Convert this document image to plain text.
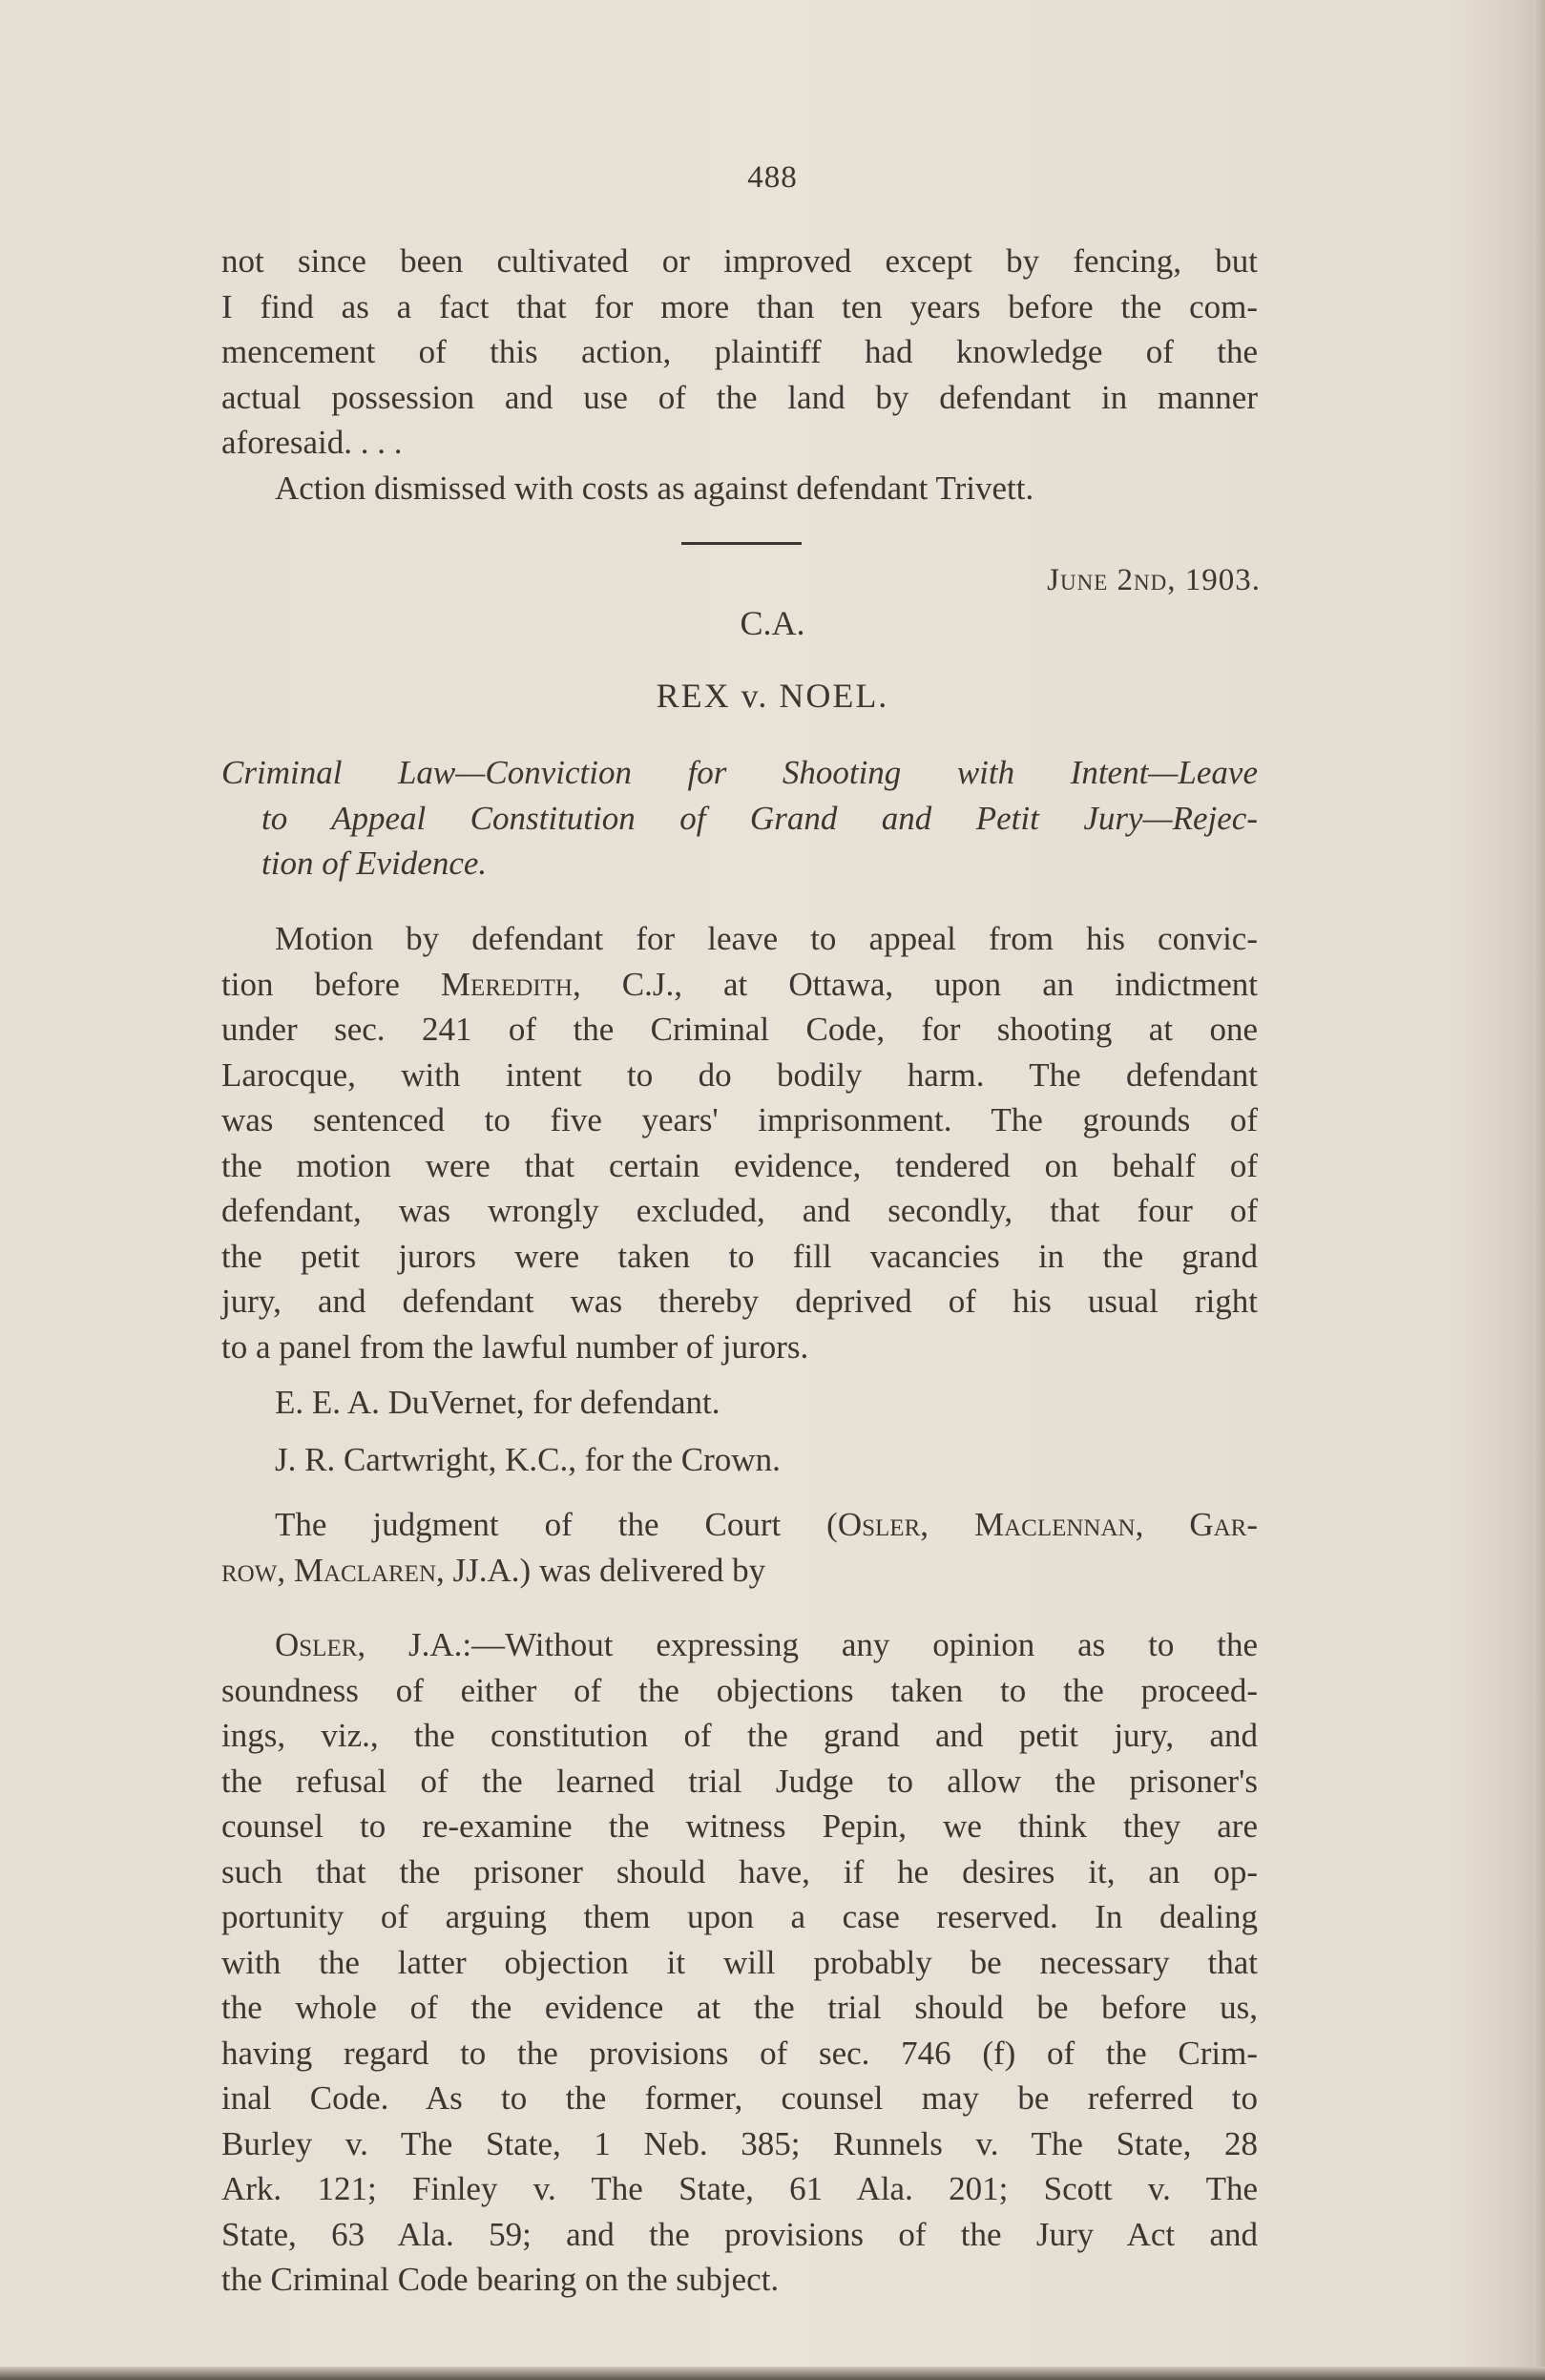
488
not since been cultivated or improved except by fencing, but
I find as a fact that for more than ten years before the com-
mencement of this action, plaintiff had knowledge of the
actual possession and use of the land by defendant in manner
aforesaid. . . .
Action dismissed with costs as against defendant Trivett.
June 2nd, 1903.
C.A.
REX v. NOEL.
Criminal Law—Conviction for Shooting with Intent—Leave
to Appeal Constitution of Grand and Petit Jury—Rejec-
tion of Evidence.
Motion by defendant for leave to appeal from his convic-
tion before Meredith, C.J., at Ottawa, upon an indictment
under sec. 241 of the Criminal Code, for shooting at one
Larocque, with intent to do bodily harm. The defendant
was sentenced to five years' imprisonment. The grounds of
the motion were that certain evidence, tendered on behalf of
defendant, was wrongly excluded, and secondly, that four of
the petit jurors were taken to fill vacancies in the grand
jury, and defendant was thereby deprived of his usual right
to a panel from the lawful number of jurors.
E. E. A. DuVernet, for defendant.
J. R. Cartwright, K.C., for the Crown.
The judgment of the Court (Osler, Maclennan, Gar-
row, Maclaren, JJ.A.) was delivered by
Osler, J.A.:—Without expressing any opinion as to the
soundness of either of the objections taken to the proceed-
ings, viz., the constitution of the grand and petit jury, and
the refusal of the learned trial Judge to allow the prisoner's
counsel to re-examine the witness Pepin, we think they are
such that the prisoner should have, if he desires it, an op-
portunity of arguing them upon a case reserved. In dealing
with the latter objection it will probably be necessary that
the whole of the evidence at the trial should be before us,
having regard to the provisions of sec. 746 (f) of the Crim-
inal Code. As to the former, counsel may be referred to
Burley v. The State, 1 Neb. 385; Runnels v. The State, 28
Ark. 121; Finley v. The State, 61 Ala. 201; Scott v. The
State, 63 Ala. 59; and the provisions of the Jury Act and
the Criminal Code bearing on the subject.
